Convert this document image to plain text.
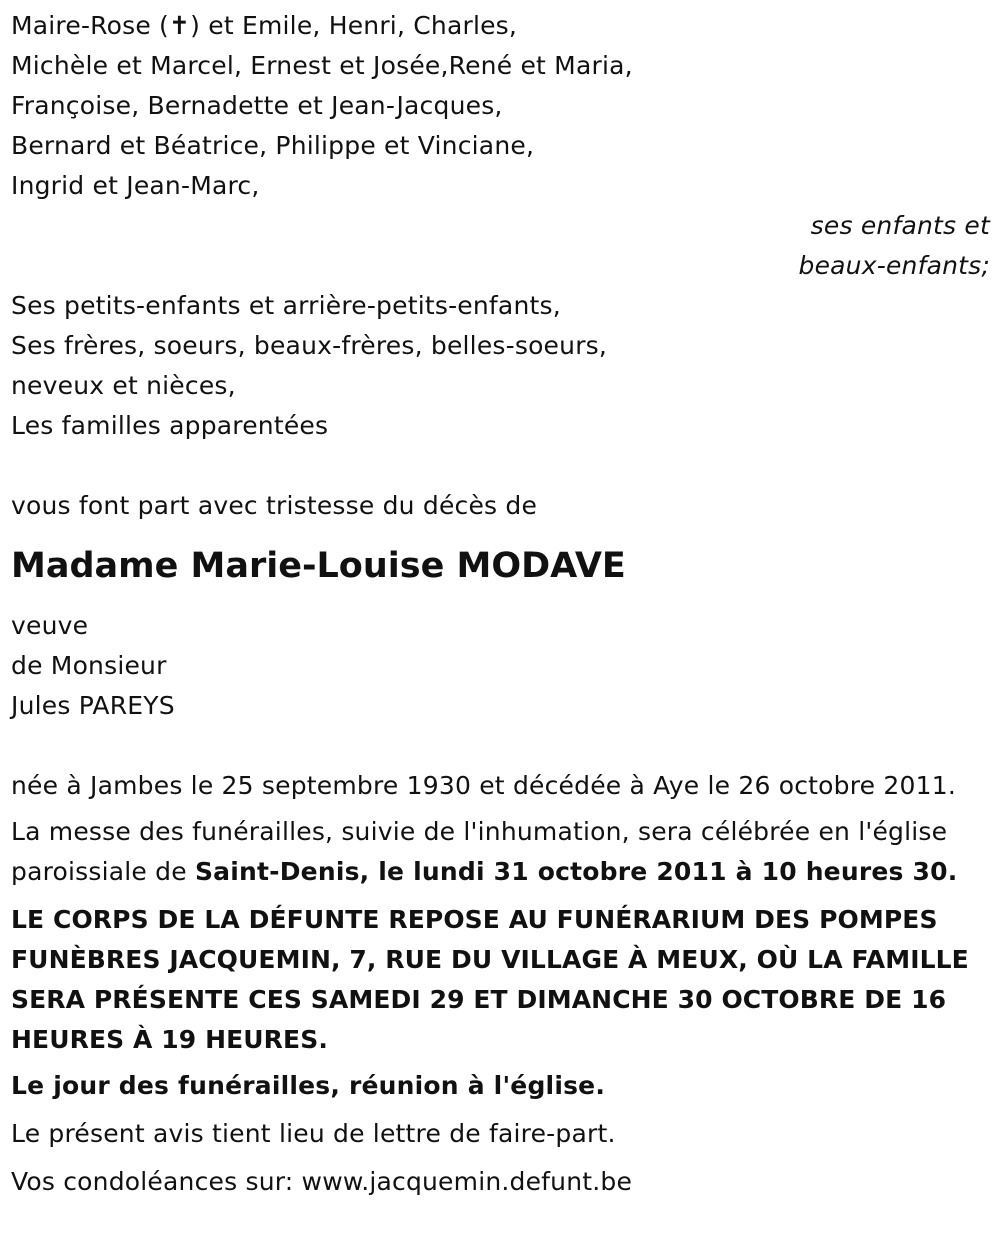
Maire-Rose (✝) et Emile, Henri, Charles,
Michèle et Marcel, Ernest et Josée,René et Maria,
Françoise, Bernadette et Jean-Jacques,
Bernard et Béatrice, Philippe et Vinciane,
Ingrid et Jean-Marc,
ses enfants et
beaux-enfants;
Ses petits-enfants et arrière-petits-enfants,
Ses frères, soeurs, beaux-frères, belles-soeurs,
neveux et nièces,
Les familles apparentées
vous font part avec tristesse du décès de
Madame Marie-Louise MODAVE
veuve
de Monsieur
Jules PAREYS
née à Jambes le 25 septembre 1930 et décédée à Aye le 26 octobre 2011.
La messe des funérailles, suivie de l'inhumation, sera célébrée en l'église paroissiale de Saint-Denis, le lundi 31 octobre 2011 à 10 heures 30.
LE CORPS DE LA DÉFUNTE REPOSE AU FUNÉRARIUM DES POMPES FUNÈBRES JACQUEMIN, 7, RUE DU VILLAGE À MEUX, OÙ LA FAMILLE SERA PRÉSENTE CES SAMEDI 29 ET DIMANCHE 30 OCTOBRE DE 16 HEURES À 19 HEURES.
Le jour des funérailles, réunion à l'église.
Le présent avis tient lieu de lettre de faire-part.
Vos condoléances sur: www.jacquemin.defunt.be
